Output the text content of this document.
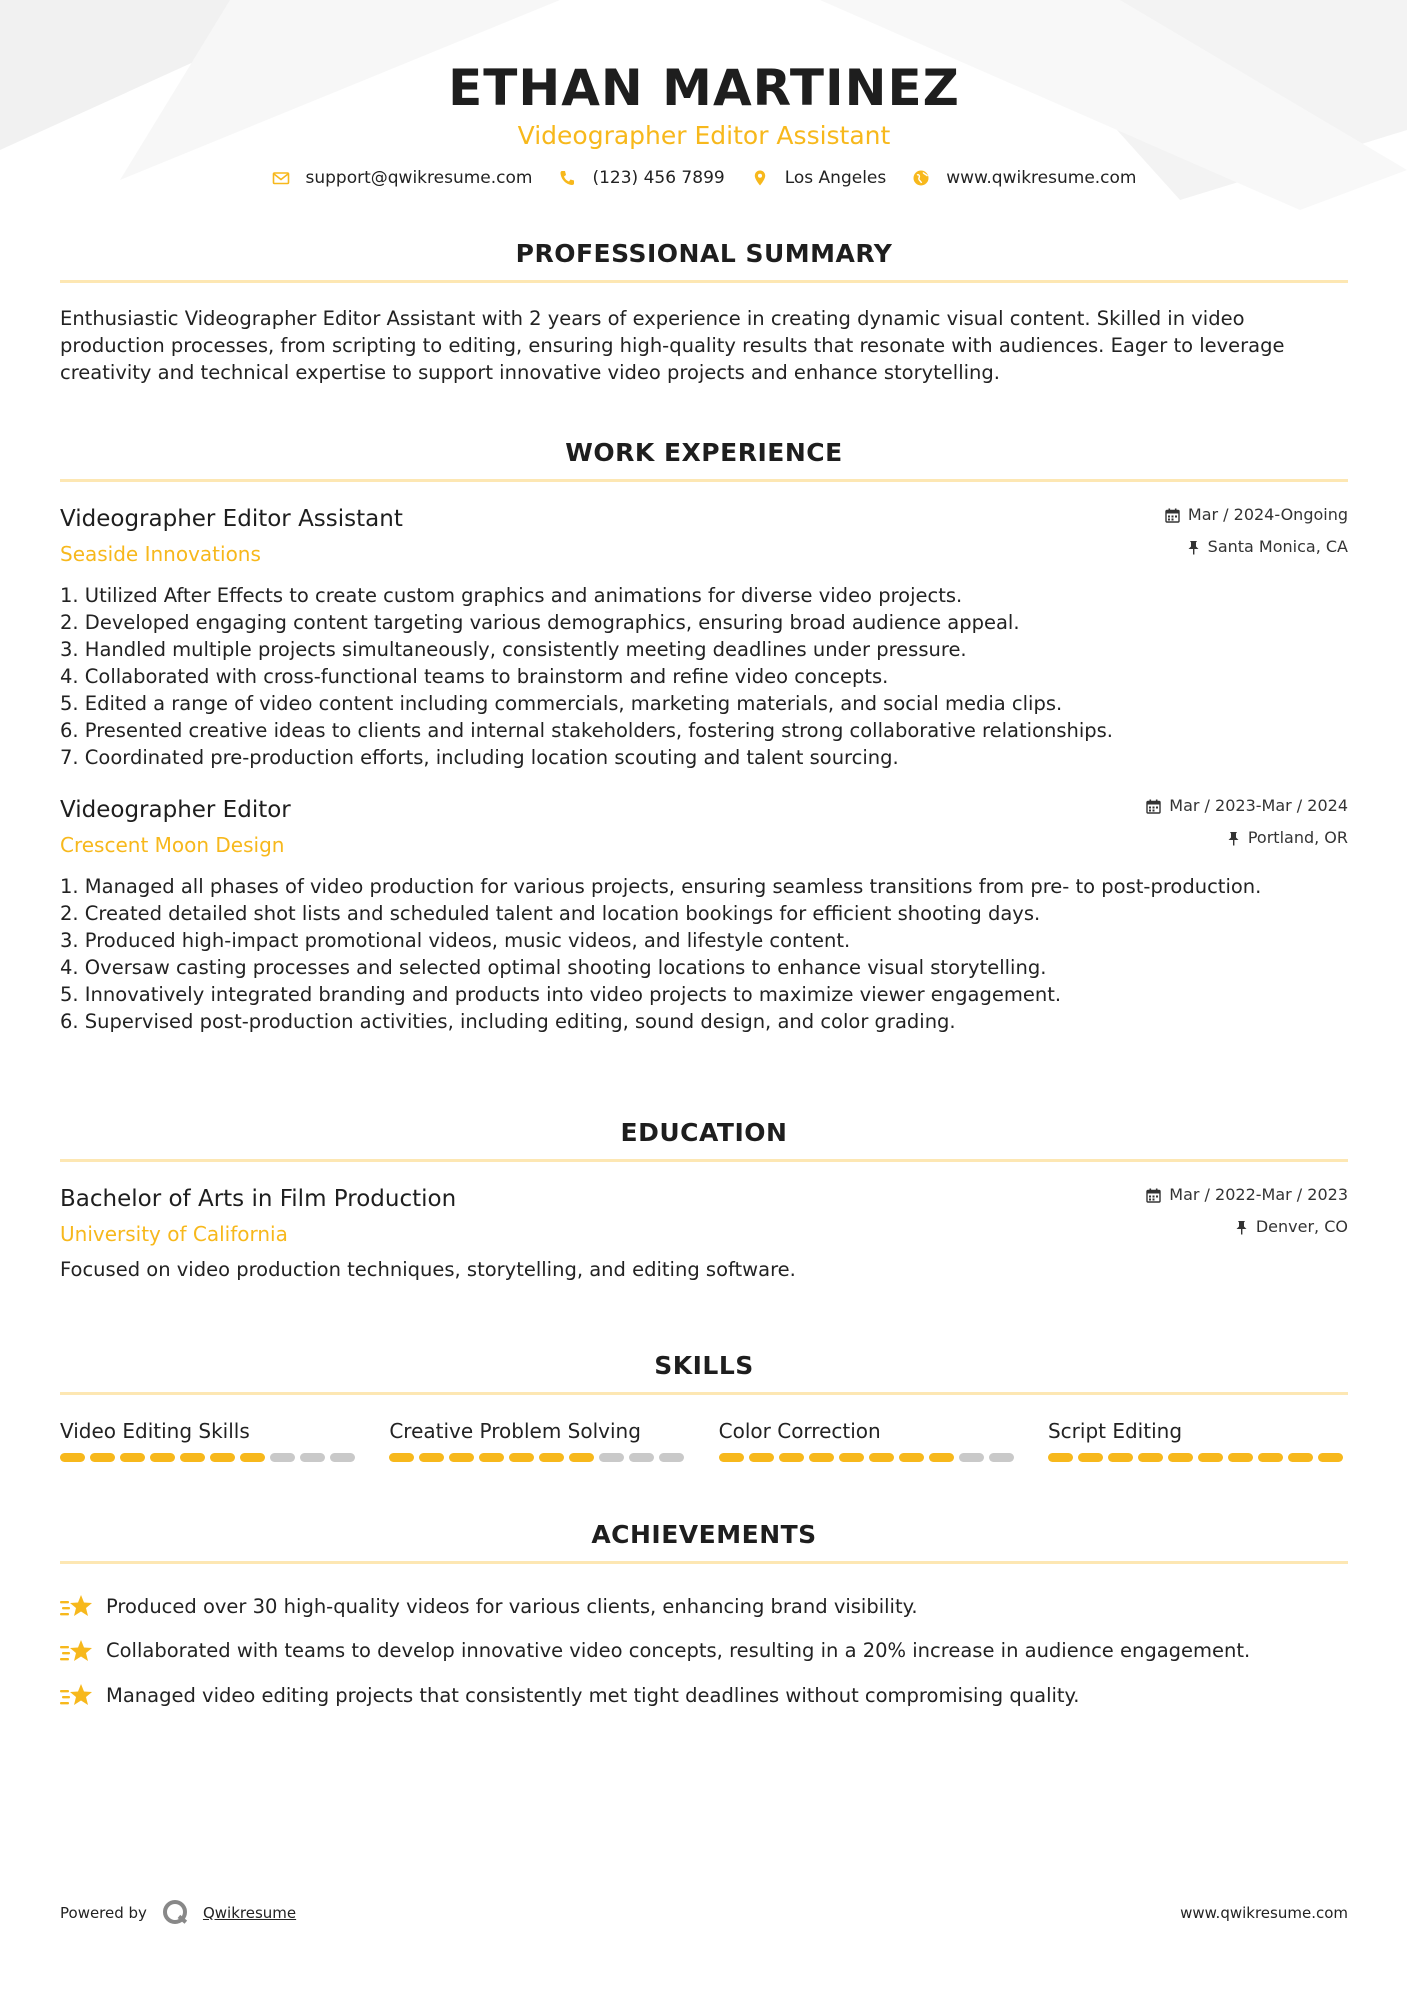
ETHAN MARTINEZ
Videographer Editor Assistant
support@qwikresume.com	(123) 456 7899	Los Angeles	www.qwikresume.com
PROFESSIONAL SUMMARY
Enthusiastic Videographer Editor Assistant with 2 years of experience in creating dynamic visual content. Skilled in video production processes, from scripting to editing, ensuring high-quality results that resonate with audiences. Eager to leverage creativity and technical expertise to support innovative video projects and enhance storytelling.
WORK EXPERIENCE
Videographer Editor Assistant
Seaside Innovations
Mar / 2024-Ongoing
Santa Monica, CA
1. Utilized After Effects to create custom graphics and animations for diverse video projects.
2. Developed engaging content targeting various demographics, ensuring broad audience appeal.
3. Handled multiple projects simultaneously, consistently meeting deadlines under pressure.
4. Collaborated with cross-functional teams to brainstorm and refine video concepts.
5. Edited a range of video content including commercials, marketing materials, and social media clips.
6. Presented creative ideas to clients and internal stakeholders, fostering strong collaborative relationships.
7. Coordinated pre-production efforts, including location scouting and talent sourcing.
Videographer Editor
Crescent Moon Design
Mar / 2023-Mar / 2024
Portland, OR
1. Managed all phases of video production for various projects, ensuring seamless transitions from pre- to post-production.
2. Created detailed shot lists and scheduled talent and location bookings for efficient shooting days.
3. Produced high-impact promotional videos, music videos, and lifestyle content.
4. Oversaw casting processes and selected optimal shooting locations to enhance visual storytelling.
5. Innovatively integrated branding and products into video projects to maximize viewer engagement.
6. Supervised post-production activities, including editing, sound design, and color grading.
EDUCATION
Bachelor of Arts in Film Production
University of California
Mar / 2022-Mar / 2023
Denver, CO
Focused on video production techniques, storytelling, and editing software.
SKILLS
Video Editing Skills	Creative Problem Solving	Color Correction	Script Editing
ACHIEVEMENTS
Produced over 30 high-quality videos for various clients, enhancing brand visibility.
Collaborated with teams to develop innovative video concepts, resulting in a 20% increase in audience engagement.
Managed video editing projects that consistently met tight deadlines without compromising quality.
Powered by	Qwikresume	www.qwikresume.com
